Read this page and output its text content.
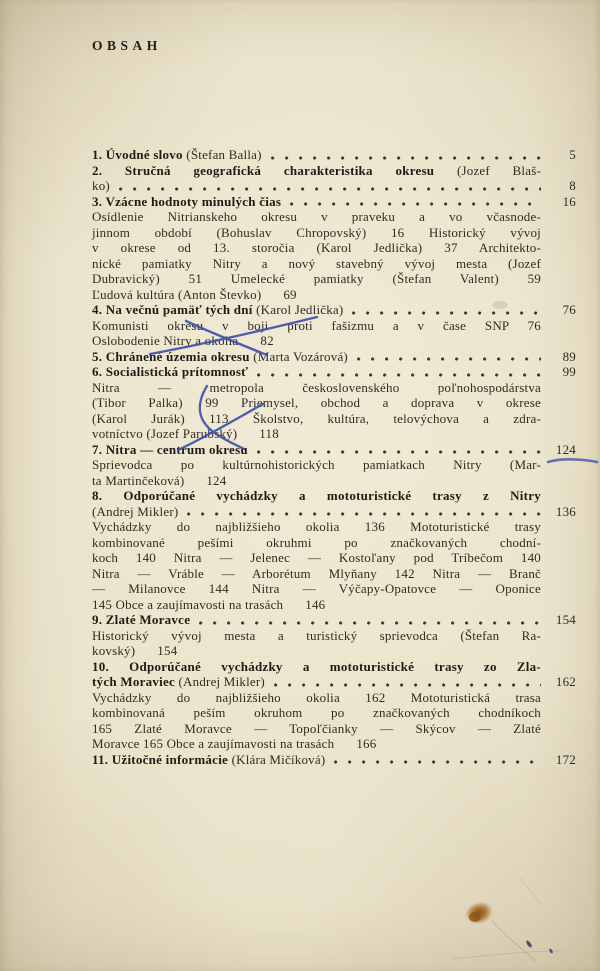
OBSAH
1. Úvodné slovo (Štefan Balla)	5
2. Stručná geografická charakteristika okresu (Jozef Blaš-
ko)	8
3. Vzácne hodnoty minulých čias	16
Osídlenie Nitrianskeho okresu v praveku a vo včasnode-
jinnom období (Bohuslav Chropovský) 16 Historický vývoj
v okrese od 13. storočia (Karol Jedlička) 37 Architekto-
nické pamiatky Nitry a nový stavebný vývoj mesta (Jozef
Dubravický) 51 Umelecké pamiatky (Štefan Valent) 59
Ľudová kultúra (Anton Števko) 69
4. Na večnú pamäť tých dní (Karol Jedlička)	76
Komunisti okresu v boji proti fašizmu a v čase SNP 76
Oslobodenie Nitry a okolia 82
5. Chránené územia okresu (Marta Vozárová)	89
6. Socialistická prítomnosť	99
Nitra — metropola československého poľnohospodárstva
(Tibor Palka) 99 Priemysel, obchod a doprava v okrese
(Karol Jurák) 113 Školstvo, kultúra, telovýchova a zdra-
votníctvo (Jozef Parubský) 118
7. Nitra — centrum okresu	124
Sprievodca po kultúrnohistorických pamiatkach Nitry (Mar-
ta Martinčeková) 124
8. Odporúčané vychádzky a mototuristické trasy z Nitry
(Andrej Mikler)	136
Vychádzky do najbližšieho okolia 136 Mototuristické trasy
kombinované pešími okruhmi po značkovaných chodní-
koch 140 Nitra — Jelenec — Kostoľany pod Tríbečom 140
Nitra — Vráble — Arborétum Mlyňany 142 Nitra — Branč
— Milanovce 144 Nitra — Výčapy-Opatovce — Oponice
145 Obce a zaujímavosti na trasách 146
9. Zlaté Moravce	154
Historický vývoj mesta a turistický sprievodca (Štefan Ra-
kovský) 154
10. Odporúčané vychádzky a mototuristické trasy zo Zla-
tých Moraviec (Andrej Mikler)	162
Vychádzky do najbližšieho okolia 162 Mototuristická trasa
kombinovaná peším okruhom po značkovaných chodníkoch
165 Zlaté Moravce — Topoľčianky — Skýcov — Zlaté
Moravce 165 Obce a zaujímavosti na trasách 166
11. Užitočné informácie (Klára Mičíková)	172
